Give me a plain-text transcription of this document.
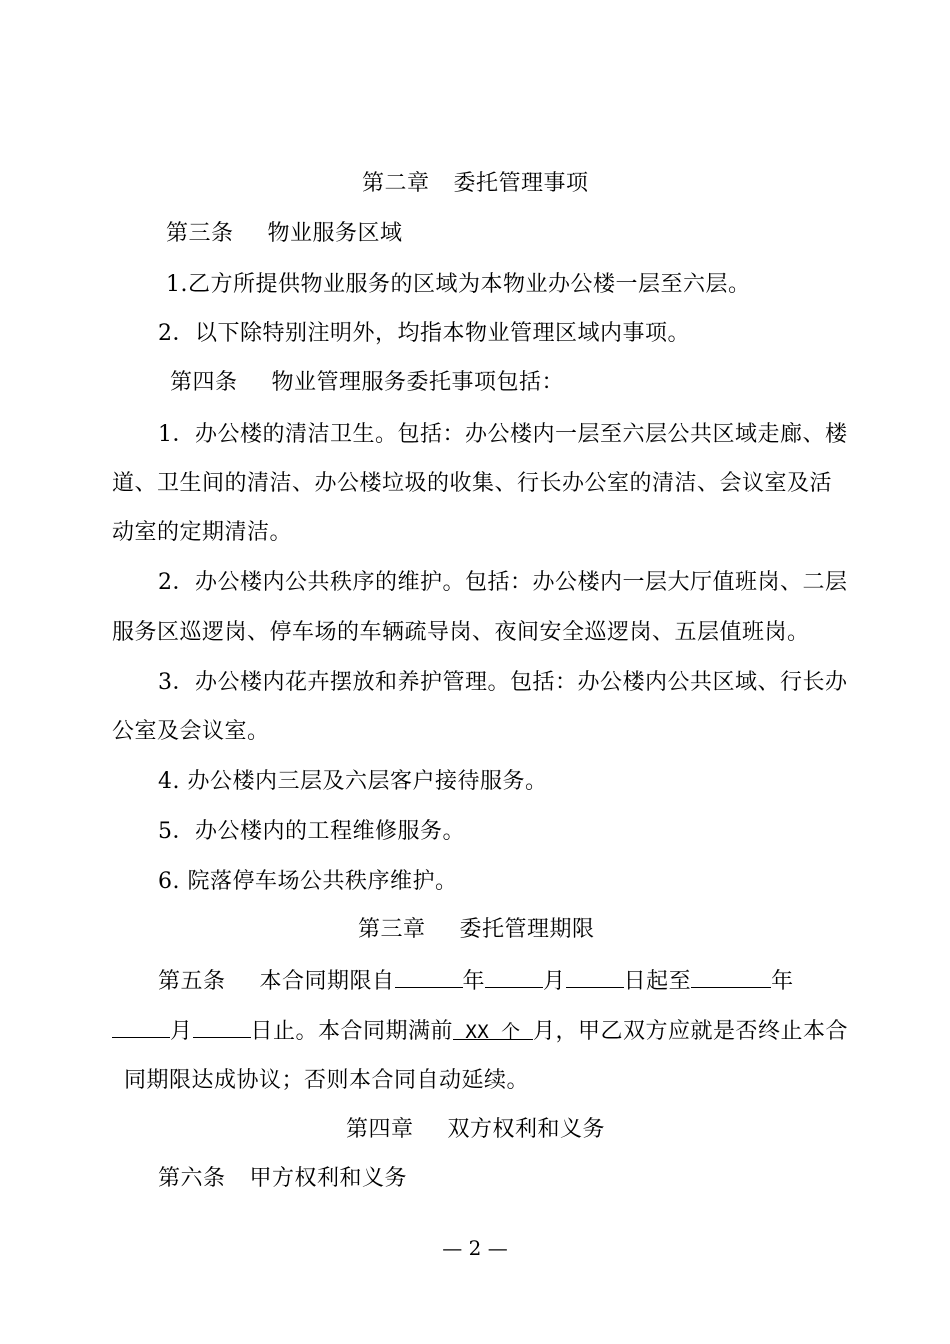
第二章 委托管理事项
第三条 物业服务区域
1.乙方所提供物业服务的区域为本物业办公楼一层至六层。
2．以下除特别注明外，均指本物业管理区域内事项。
第四条 物业管理服务委托事项包括：
1．办公楼的清洁卫生。包括：办公楼内一层至六层公共区域走廊、楼
道、卫生间的清洁、办公楼垃圾的收集、行长办公室的清洁、会议室及活
动室的定期清洁。
2．办公楼内公共秩序的维护。包括：办公楼内一层大厅值班岗、二层
服务区巡逻岗、停车场的车辆疏导岗、夜间安全巡逻岗、五层值班岗。
3．办公楼内花卉摆放和养护管理。包括：办公楼内公共区域、行长办
公室及会议室。
4. 办公楼内三层及六层客户接待服务。
5．办公楼内的工程维修服务。
6. 院落停车场公共秩序维护。
第三章 委托管理期限
第五条 本合同期限自	年	月	日起至	年
月	日止。本合同期满前 XX 个 月，甲乙双方应就是否终止本合
同期限达成协议；否则本合同自动延续。
第四章 双方权利和义务
第六条 甲方权利和义务
— 2 —
